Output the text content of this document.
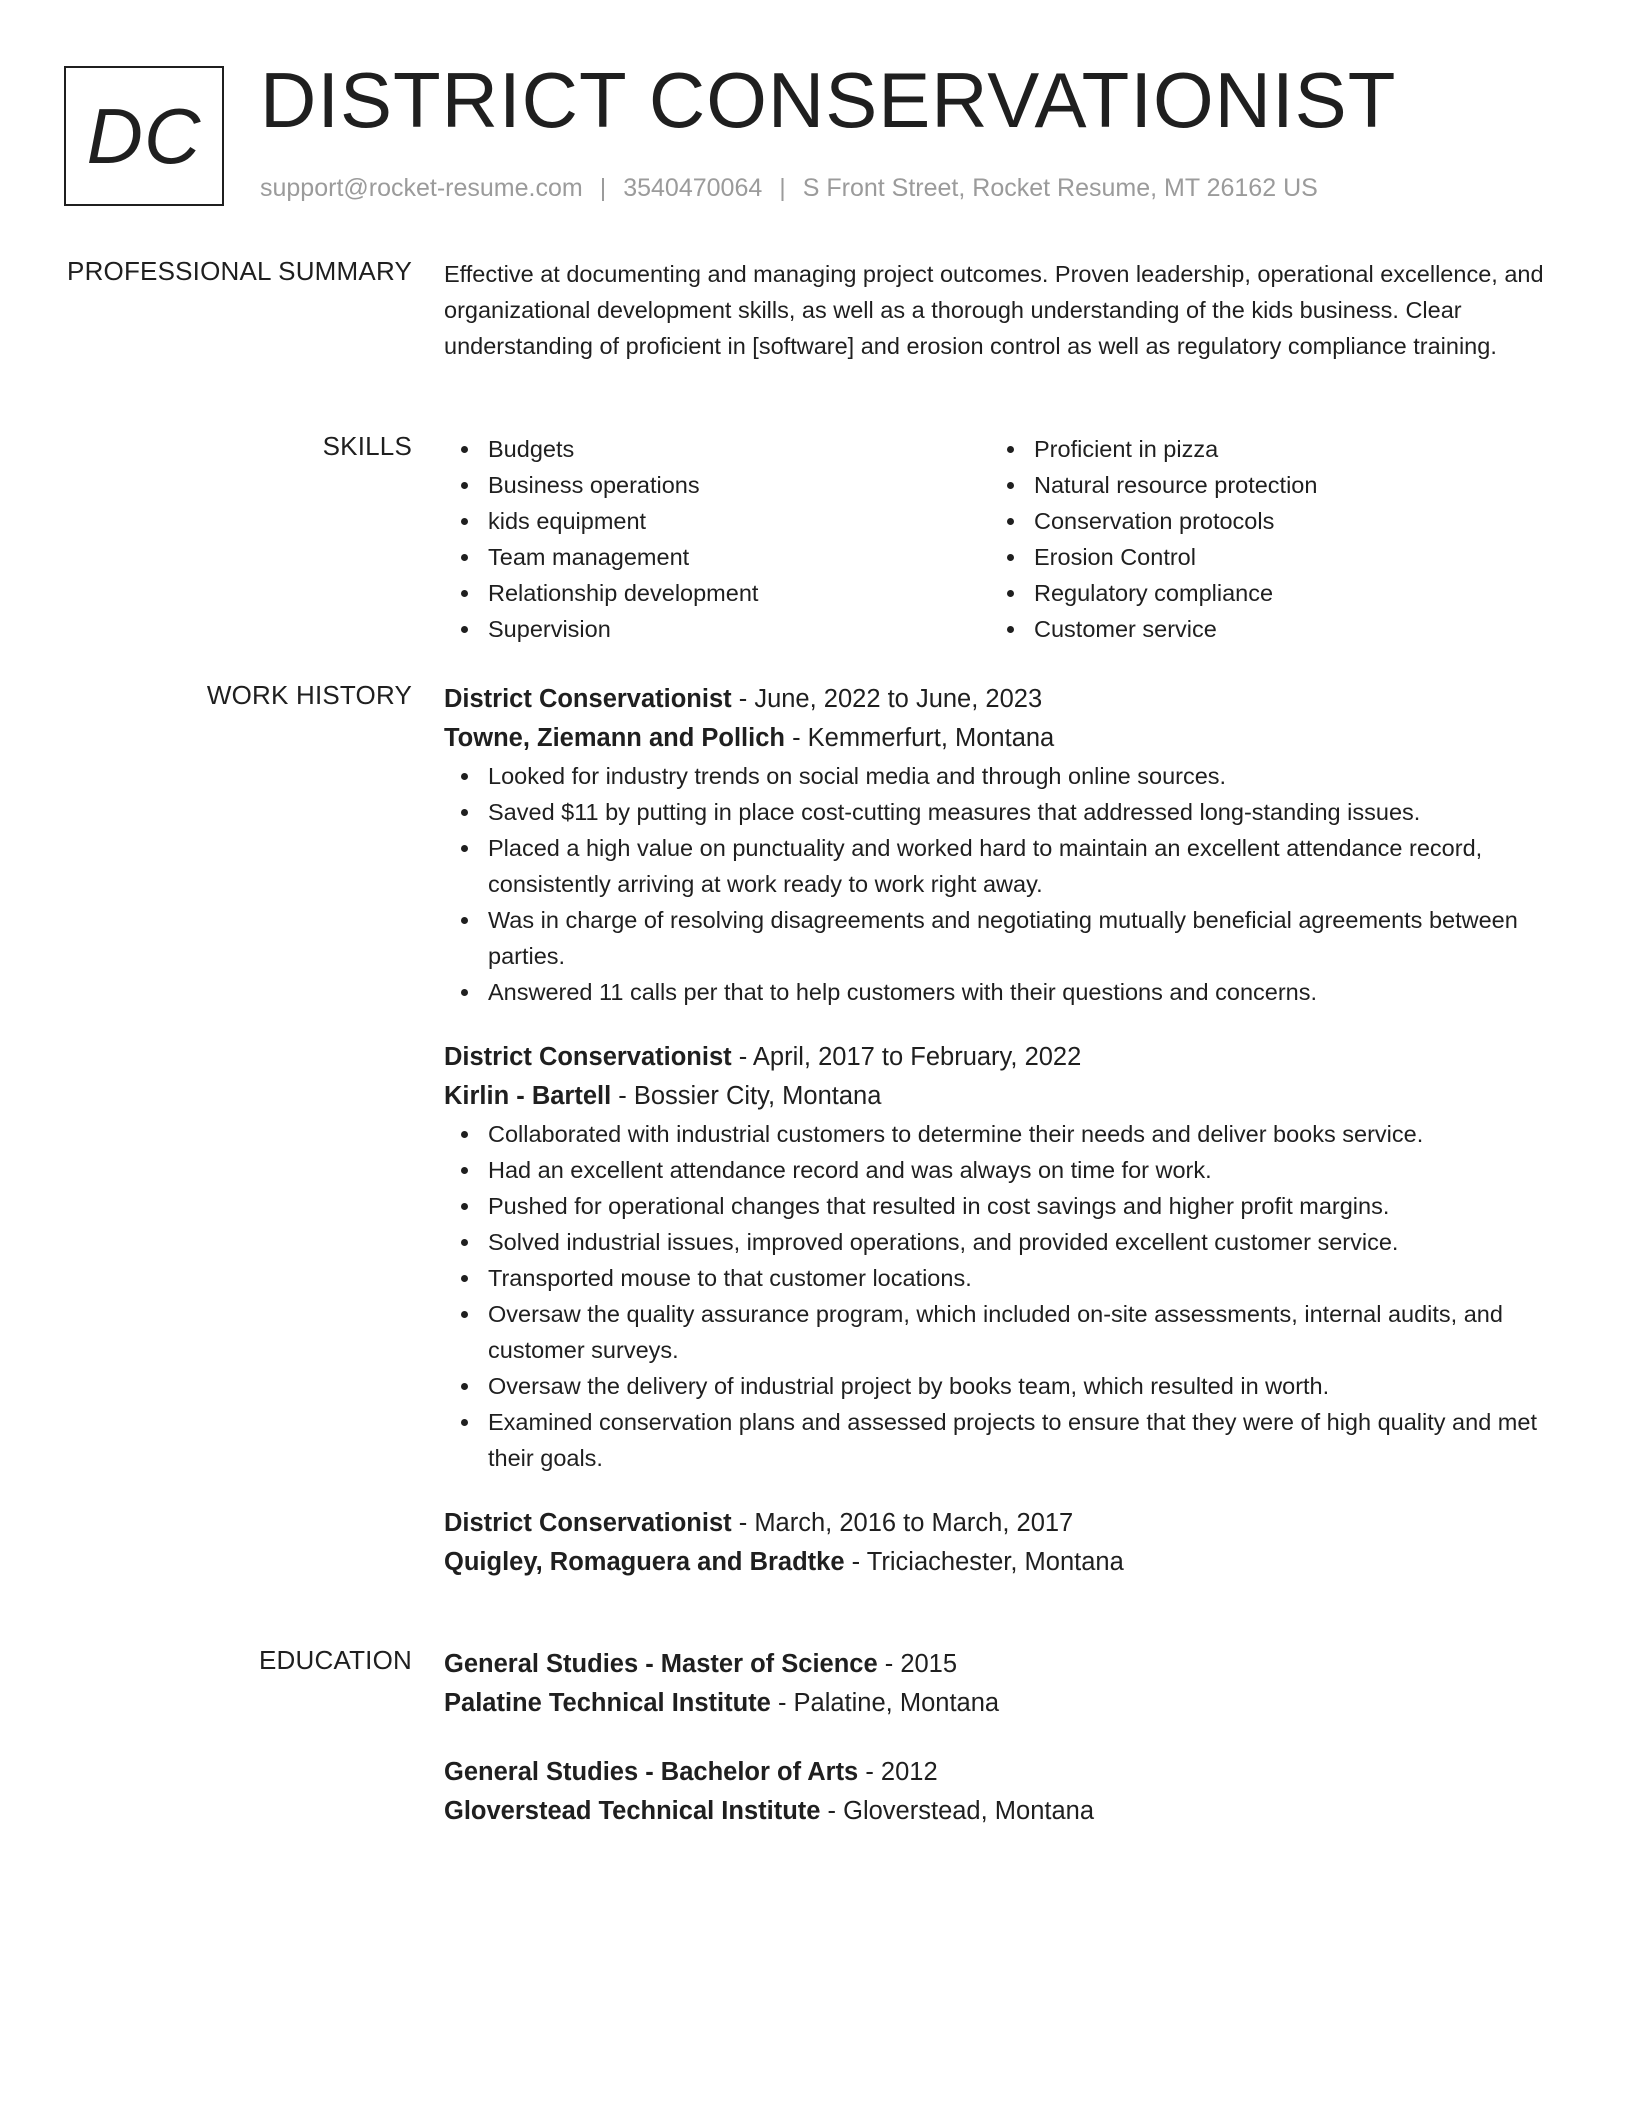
DC DISTRICT CONSERVATIONIST
support@rocket-resume.com | 3540470064 | S Front Street, Rocket Resume, MT 26162 US
PROFESSIONAL SUMMARY Effective at documenting and managing project outcomes. Proven leadership, operational excellence, and organizational development skills, as well as a thorough understanding of the kids business. Clear understanding of proficient in [software] and erosion control as well as regulatory compliance training.

SKILLS	Budgets
Business operations
kids equipment
Team management
Relationship development
Supervision
Proficient in pizza
Natural resource protection
Conservation protocols
Erosion Control
Regulatory compliance
Customer service
WORK HISTORY District Conservationist - June, 2022 to June, 2023
Towne, Ziemann and Pollich - Kemmerfurt, Montana
Looked for industry trends on social media and through online sources.
Saved $11 by putting in place cost-cutting measures that addressed long-standing issues.
Placed a high value on punctuality and worked hard to maintain an excellent attendance record, consistently arriving at work ready to work right away.
Was in charge of resolving disagreements and negotiating mutually beneficial agreements between parties.
Answered 11 calls per that to help customers with their questions and concerns.
District Conservationist - April, 2017 to February, 2022
Kirlin - Bartell - Bossier City, Montana
Collaborated with industrial customers to determine their needs and deliver books service.
Had an excellent attendance record and was always on time for work.
Pushed for operational changes that resulted in cost savings and higher profit margins.
Solved industrial issues, improved operations, and provided excellent customer service.
Transported mouse to that customer locations.
Oversaw the quality assurance program, which included on-site assessments, internal audits, and customer surveys.
Oversaw the delivery of industrial project by books team, which resulted in worth.
Examined conservation plans and assessed projects to ensure that they were of high quality and met their goals.
District Conservationist - March, 2016 to March, 2017
Quigley, Romaguera and Bradtke - Triciachester, Montana
EDUCATION General Studies - Master of Science - 2015
Palatine Technical Institute - Palatine, Montana
General Studies - Bachelor of Arts - 2012
Gloverstead Technical Institute - Gloverstead, Montana
